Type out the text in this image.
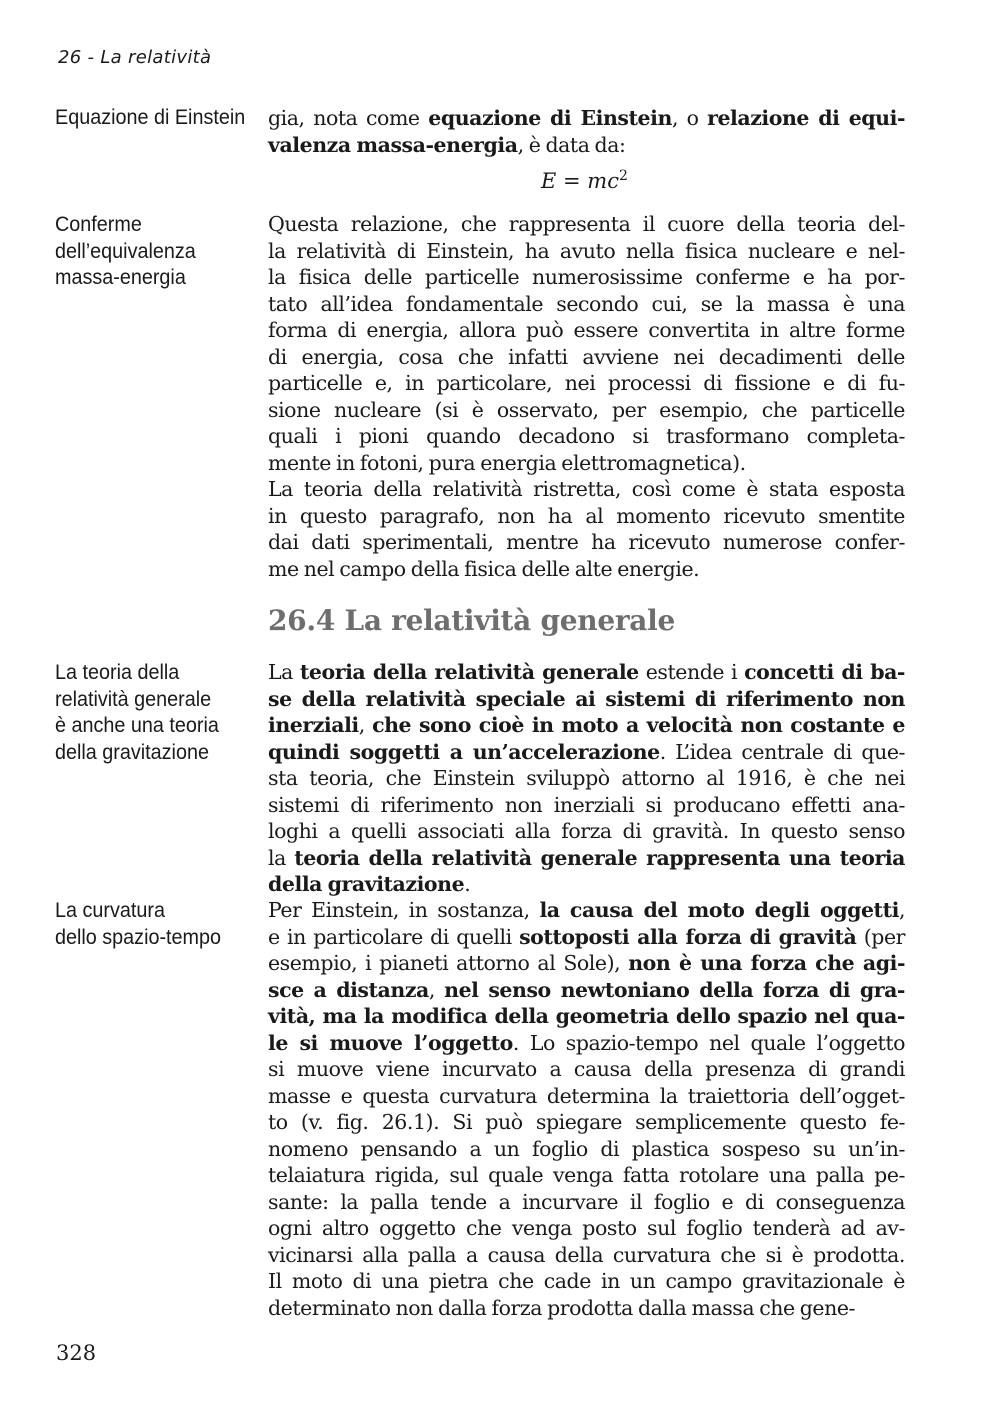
26 - La relatività
Equazione di Einstein
Conferme
dell’equivalenza
massa-energia
La teoria della
relatività generale
è anche una teoria
della gravitazione
La curvatura
dello spazio-tempo
gia, nota come equazione di Einstein, o relazione di equi-
valenza massa-energia, è data da:
$E = mc^2$
Questa relazione, che rappresenta il cuore della teoria del-
la relatività di Einstein, ha avuto nella fisica nucleare e nel-
la fisica delle particelle numerosissime conferme e ha por-
tato all’idea fondamentale secondo cui, se la massa è una
forma di energia, allora può essere convertita in altre forme
di energia, cosa che infatti avviene nei decadimenti delle
particelle e, in particolare, nei processi di fissione e di fu-
sione nucleare (si è osservato, per esempio, che particelle
quali i pioni quando decadono si trasformano completa-
mente in fotoni, pura energia elettromagnetica).
La teoria della relatività ristretta, così come è stata esposta
in questo paragrafo, non ha al momento ricevuto smentite
dai dati sperimentali, mentre ha ricevuto numerose confer-
me nel campo della fisica delle alte energie.
26.4 La relatività generale
La teoria della relatività generale estende i concetti di ba-
se della relatività speciale ai sistemi di riferimento non
inerziali, che sono cioè in moto a velocità non costante e
quindi soggetti a un’accelerazione. L’idea centrale di que-
sta teoria, che Einstein sviluppò attorno al 1916, è che nei
sistemi di riferimento non inerziali si producano effetti ana-
loghi a quelli associati alla forza di gravità. In questo senso
la teoria della relatività generale rappresenta una teoria
della gravitazione.
Per Einstein, in sostanza, la causa del moto degli oggetti,
e in particolare di quelli sottoposti alla forza di gravità (per
esempio, i pianeti attorno al Sole), non è una forza che agi-
sce a distanza, nel senso newtoniano della forza di gra-
vità, ma la modifica della geometria dello spazio nel qua-
le si muove l’oggetto. Lo spazio-tempo nel quale l’oggetto
si muove viene incurvato a causa della presenza di grandi
masse e questa curvatura determina la traiettoria dell’ogget-
to (v. fig. 26.1). Si può spiegare semplicemente questo fe-
nomeno pensando a un foglio di plastica sospeso su un’in-
telaiatura rigida, sul quale venga fatta rotolare una palla pe-
sante: la palla tende a incurvare il foglio e di conseguenza
ogni altro oggetto che venga posto sul foglio tenderà ad av-
vicinarsi alla palla a causa della curvatura che si è prodotta.
Il moto di una pietra che cade in un campo gravitazionale è
determinato non dalla forza prodotta dalla massa che gene-
328
